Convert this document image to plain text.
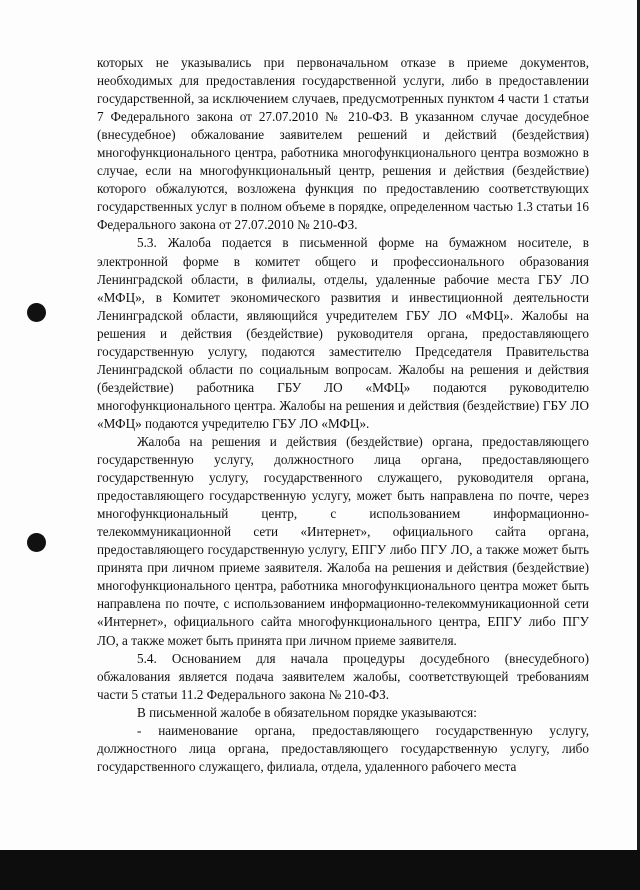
которых не указывались при первоначальном отказе в приеме документов, необходимых для предоставления государственной услуги, либо в предоставлении государственной, за исключением случаев, предусмотренных пунктом 4 части 1 статьи 7 Федерального закона от 27.07.2010 № 210-ФЗ. В указанном случае досудебное (внесудебное) обжалование заявителем решений и действий (бездействия) многофункционального центра, работника многофункционального центра возможно в случае, если на многофункциональный центр, решения и действия (бездействие) которого обжалуются, возложена функция по предоставлению соответствующих государственных услуг в полном объеме в порядке, определенном частью 1.3 статьи 16 Федерального закона от 27.07.2010 № 210-ФЗ.

5.3. Жалоба подается в письменной форме на бумажном носителе, в электронной форме в комитет общего и профессионального образования Ленинградской области, в филиалы, отделы, удаленные рабочие места ГБУ ЛО «МФЦ», в Комитет экономического развития и инвестиционной деятельности Ленинградской области, являющийся учредителем ГБУ ЛО «МФЦ». Жалобы на решения и действия (бездействие) руководителя органа, предоставляющего государственную услугу, подаются заместителю Председателя Правительства Ленинградской области по социальным вопросам. Жалобы на решения и действия (бездействие) работника ГБУ ЛО «МФЦ» подаются руководителю многофункционального центра. Жалобы на решения и действия (бездействие) ГБУ ЛО «МФЦ» подаются учредителю ГБУ ЛО «МФЦ».

Жалоба на решения и действия (бездействие) органа, предоставляющего государственную услугу, должностного лица органа, предоставляющего государственную услугу, государственного служащего, руководителя органа, предоставляющего государственную услугу, может быть направлена по почте, через многофункциональный центр, с использованием информационно-телекоммуникационной сети «Интернет», официального сайта органа, предоставляющего государственную услугу, ЕПГУ либо ПГУ ЛО, а также может быть принята при личном приеме заявителя. Жалоба на решения и действия (бездействие) многофункционального центра, работника многофункционального центра может быть направлена по почте, с использованием информационно-телекоммуникационной сети «Интернет», официального сайта многофункционального центра, ЕПГУ либо ПГУ ЛО, а также может быть принята при личном приеме заявителя.

5.4. Основанием для начала процедуры досудебного (внесудебного) обжалования является подача заявителем жалобы, соответствующей требованиям части 5 статьи 11.2 Федерального закона № 210-ФЗ.

В письменной жалобе в обязательном порядке указываются:

- наименование органа, предоставляющего государственную услугу, должностного лица органа, предоставляющего государственную услугу, либо государственного служащего, филиала, отдела, удаленного рабочего места
